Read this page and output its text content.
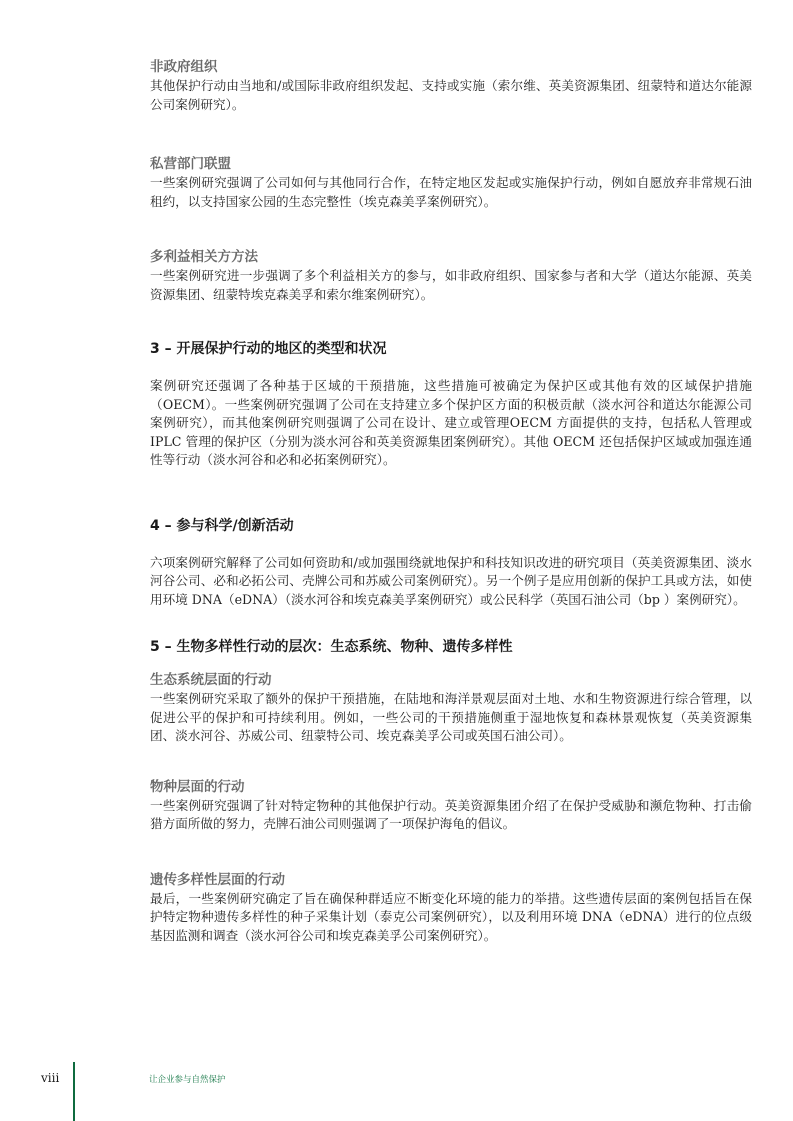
非政府组织

其他保护行动由当地和/或国际非政府组织发起、支持或实施（索尔维、英美资源集团、纽蒙特和道达尔能源公司案例研究）。

私营部门联盟

一些案例研究强调了公司如何与其他同行合作，在特定地区发起或实施保护行动，例如自愿放弃非常规石油租约，以支持国家公园的生态完整性（埃克森美孚案例研究）。

多利益相关方方法

一些案例研究进一步强调了多个利益相关方的参与，如非政府组织、国家参与者和大学（道达尔能源、英美资源集团、纽蒙特埃克森美孚和索尔维案例研究）。

3 – 开展保护行动的地区的类型和状况

案例研究还强调了各种基于区域的干预措施，这些措施可被确定为保护区或其他有效的区域保护措施（OECM）。一些案例研究强调了公司在支持建立多个保护区方面的积极贡献（淡水河谷和道达尔能源公司案例研究），而其他案例研究则强调了公司在设计、建立或管理OECM 方面提供的支持，包括私人管理或 IPLC 管理的保护区（分别为淡水河谷和英美资源集团案例研究）。其他 OECM 还包括保护区域或加强连通性等行动（淡水河谷和必和必拓案例研究）。

4 – 参与科学/创新活动

六项案例研究解释了公司如何资助和/或加强围绕就地保护和科技知识改进的研究项目（英美资源集团、淡水河谷公司、必和必拓公司、壳牌公司和苏威公司案例研究）。另一个例子是应用创新的保护工具或方法，如使用环境 DNA（eDNA）（淡水河谷和埃克森美孚案例研究）或公民科学（英国石油公司（bp ）案例研究）。

5 – 生物多样性行动的层次：生态系统、物种、遗传多样性
生态系统层面的行动

一些案例研究采取了额外的保护干预措施，在陆地和海洋景观层面对土地、水和生物资源进行综合管理，以促进公平的保护和可持续利用。例如，一些公司的干预措施侧重于湿地恢复和森林景观恢复（英美资源集团、淡水河谷、苏威公司、纽蒙特公司、埃克森美孚公司或英国石油公司）。

物种层面的行动

一些案例研究强调了针对特定物种的其他保护行动。英美资源集团介绍了在保护受威胁和濒危物种、打击偷猎方面所做的努力，壳牌石油公司则强调了一项保护海龟的倡议。

遗传多样性层面的行动

最后，一些案例研究确定了旨在确保种群适应不断变化环境的能力的举措。这些遗传层面的案例包括旨在保护特定物种遗传多样性的种子采集计划（泰克公司案例研究），以及利用环境 DNA（eDNA）进行的位点级基因监测和调查（淡水河谷公司和埃克森美孚公司案例研究）。

viii	让企业参与自然保护
